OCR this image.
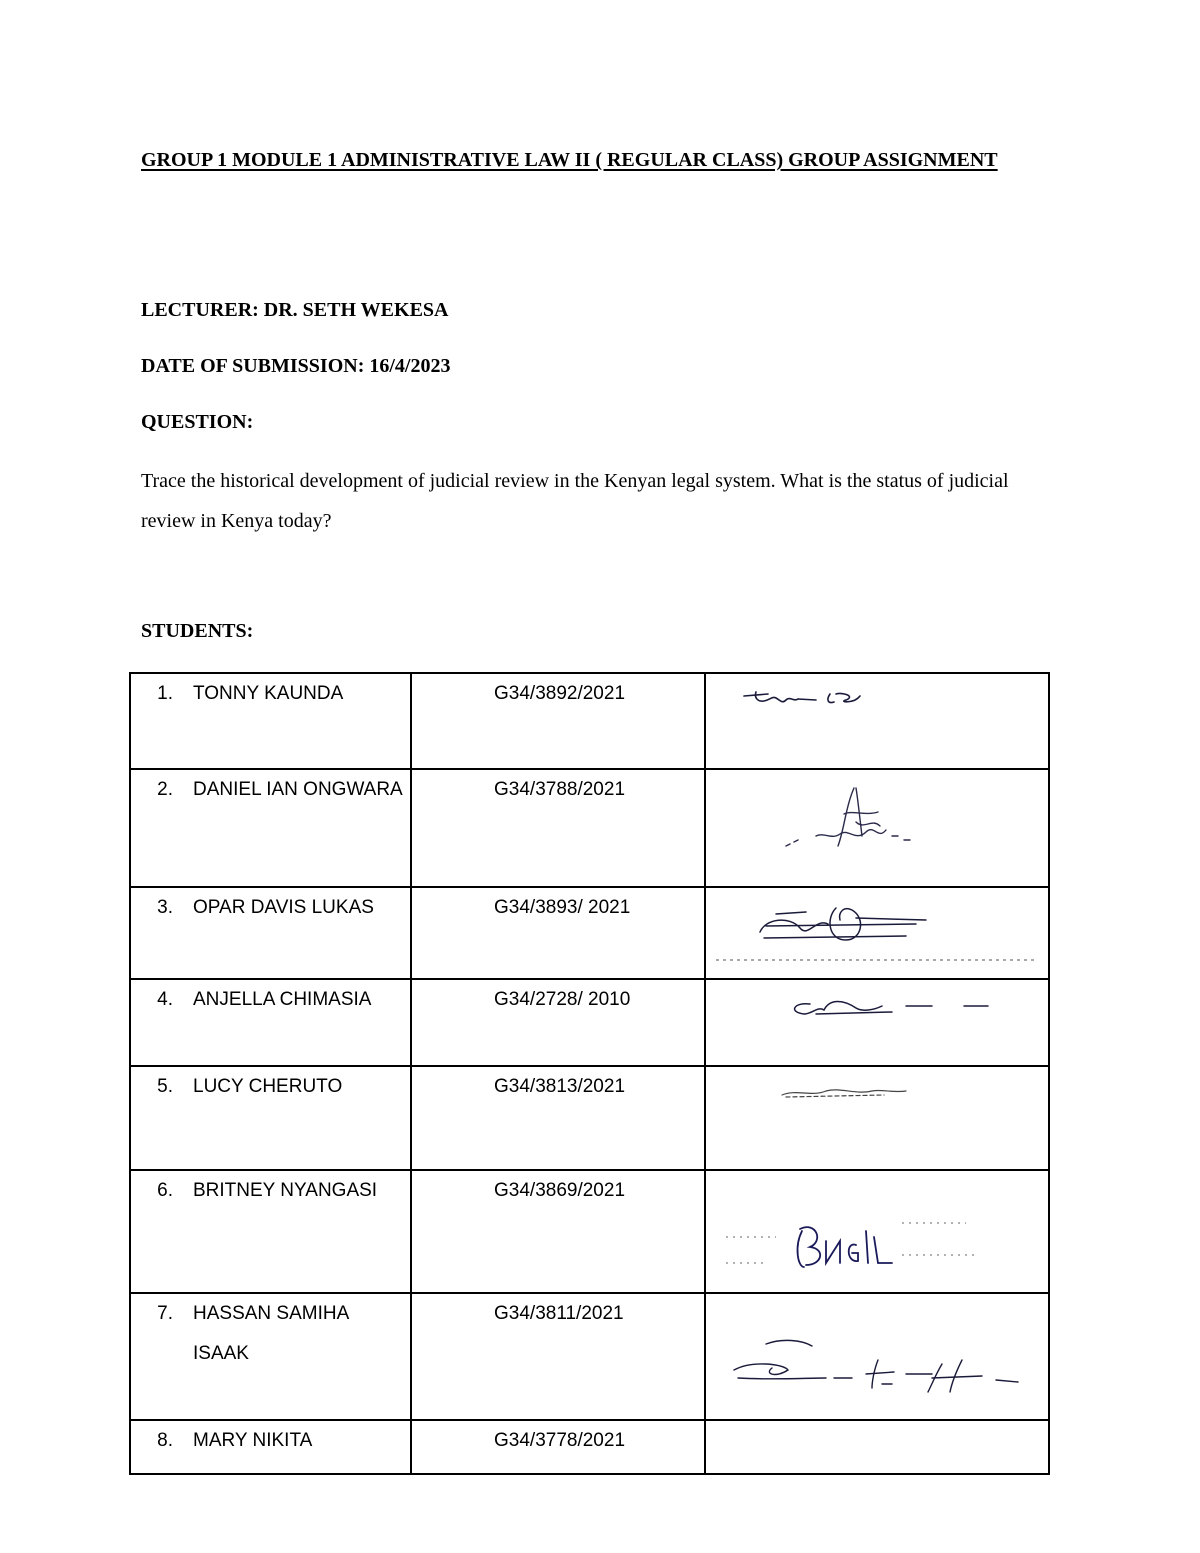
GROUP 1 MODULE 1 ADMINISTRATIVE LAW II ( REGULAR CLASS) GROUP ASSIGNMENT
LECTURER: DR. SETH WEKESA
DATE OF SUBMISSION: 16/4/2023
QUESTION:
Trace the historical development of judicial review in the Kenyan legal system. What is the status of judicial review in Kenya today?
STUDENTS:
1. TONNY KAUNDA	G34/3892/2021

2. DANIEL IAN ONGWARA	G34/3788/2021

3. OPAR DAVIS LUKAS	G34/3893/ 2021

4. ANJELLA CHIMASIA	G34/2728/ 2010

5. LUCY CHERUTO	G34/3813/2021

6. BRITNEY NYANGASI	G34/3869/2021

7. HASSAN SAMIHA ISAAK	G34/3811/2021

8. MARY NIKITA	G34/3778/2021	
